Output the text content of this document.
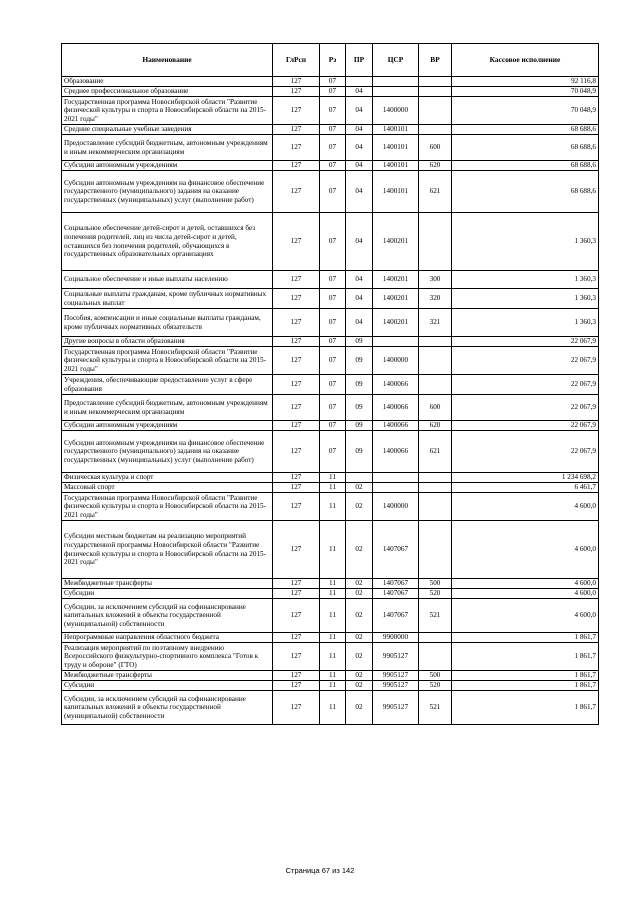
Наименование	ГлРсп	Рз	ПР	ЦСР	ВР	Кассовое исполнение
Образование	127	07				92 116,8
Среднее профессиональное образование	127	07	04			70 048,9
Государственная программа Новосибирской области "Развитие физической культуры и спорта в Новосибирской области на 2015-2021 годы"	127	07	04	1400000		70 048,9
Средние специальные учебные заведения	127	07	04	1400101		68 688,6
Предоставление субсидий бюджетным, автономным учреждениям и иным некоммерческим организациям	127	07	04	1400101	600	68 688,6
Субсидии автономным учреждениям	127	07	04	1400101	620	68 688,6
Субсидии автономным учреждениям на финансовое обеспечение государственного (муниципального) задания на оказание государственных (муниципальных) услуг (выполнение работ)	127	07	04	1400101	621	68 688,6
Социальное обеспечение детей-сирот и детей, оставшихся без попечения родителей, лиц из числа детей-сирот и детей, оставшихся без попечения родителей, обучающихся в государственных образовательных организациях	127	07	04	1400201		1 360,3
Социальное обеспечение и иные выплаты населению	127	07	04	1400201	300	1 360,3
Социальные выплаты гражданам, кроме публичных нормативных социальных выплат	127	07	04	1400201	320	1 360,3
Пособия, компенсации и иные социальные выплаты гражданам, кроме публичных нормативных обязательств	127	07	04	1400201	321	1 360,3
Другие вопросы в области образования	127	07	09			22 067,9
Государственная программа Новосибирской области "Развитие физической культуры и спорта в Новосибирской области на 2015-2021 годы"	127	07	09	1400000		22 067,9
Учреждения, обеспечивающие предоставление услуг в сфере образования	127	07	09	1400066		22 067,9
Предоставление субсидий бюджетным, автономным учреждениям и иным некоммерческим организациям	127	07	09	1400066	600	22 067,9
Субсидии автономным учреждениям	127	07	09	1400066	620	22 067,9
Субсидии автономным учреждениям на финансовое обеспечение государственного (муниципального) задания на оказание государственных (муниципальных) услуг (выполнение работ)	127	07	09	1400066	621	22 067,9
Физическая культура и спорт	127	11				1 234 698,2
Массовый спорт	127	11	02			6 461,7
Государственная программа Новосибирской области "Развитие физической культуры и спорта в Новосибирской области на 2015-2021 годы"	127	11	02	1400000		4 600,0
Субсидии местным бюджетам на реализацию мероприятий государственной программы Новосибирской области "Развитие физической культуры и спорта в Новосибирской области на 2015-2021 годы"	127	11	02	1407067		4 600,0
Межбюджетные трансферты	127	11	02	1407067	500	4 600,0
Субсидии	127	11	02	1407067	520	4 600,0
Субсидии, за исключением субсидий на софинансирование капитальных вложений в объекты государственной (муниципальной) собственности	127	11	02	1407067	521	4 600,0
Непрограммные направления областного бюджета	127	11	02	9900000		1 861,7
Реализация мероприятий по поэтапному внедрению Всероссийского физкультурно-спортивного комплекса "Готов к труду и обороне" (ГТО)	127	11	02	9905127		1 861,7
Межбюджетные трансферты	127	11	02	9905127	500	1 861,7
Субсидии	127	11	02	9905127	520	1 861,7
Субсидии, за исключением субсидий на софинансирование капитальных вложений в объекты государственной (муниципальной) собственности	127	11	02	9905127	521	1 861,7
Страница 67 из 142
